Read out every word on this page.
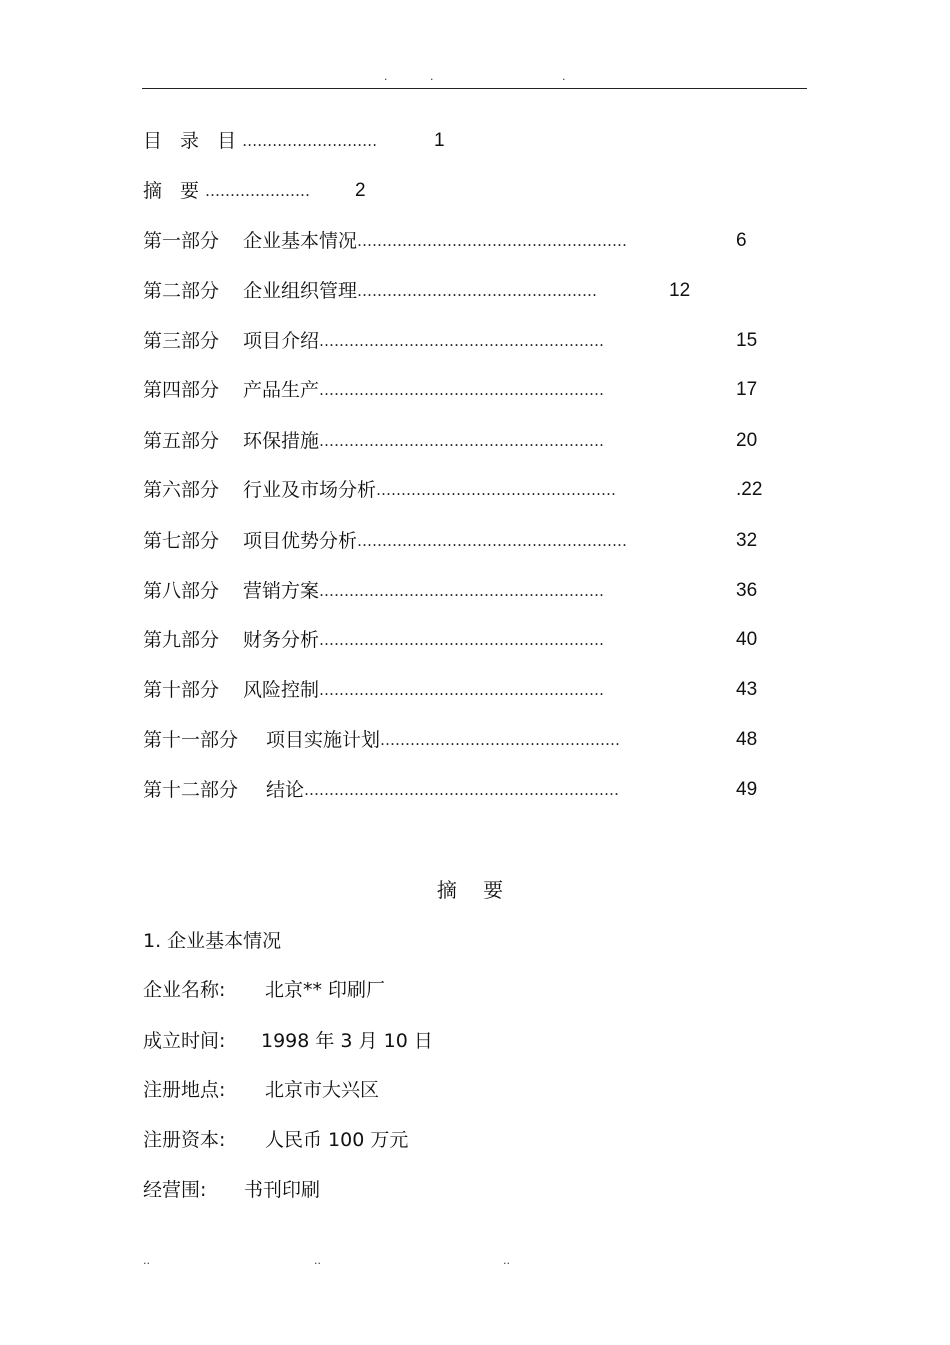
.	.	.
目 录 目………………………	1
摘 要………………… 2
第一部分 企业基本情况………………………………………………	6
第二部分 企业组织管理…………………………………………	12
第三部分 项目介绍…………………………………………………	15
第四部分 产品生产…………………………………………………	17
第五部分 环保措施…………………………………………………	20
第六部分 行业及市场分析…………………………………………	.22
第七部分 项目优势分析………………………………………………	32
第八部分 营销方案…………………………………………………	36
第九部分 财务分析…………………………………………………	40
第十部分 风险控制…………………………………………………	43
第十一部分 项目实施计划…………………………………………	48
第十二部分 结论………………………………………………………	49
摘 要
1. 企业基本情况
企业名称: 北京** 印刷厂
成立时间: 1998 年 3 月 10 日
注册地点: 北京市大兴区
注册资本: 人民币 100 万元
经营围: 书刊印刷
..	..	..
